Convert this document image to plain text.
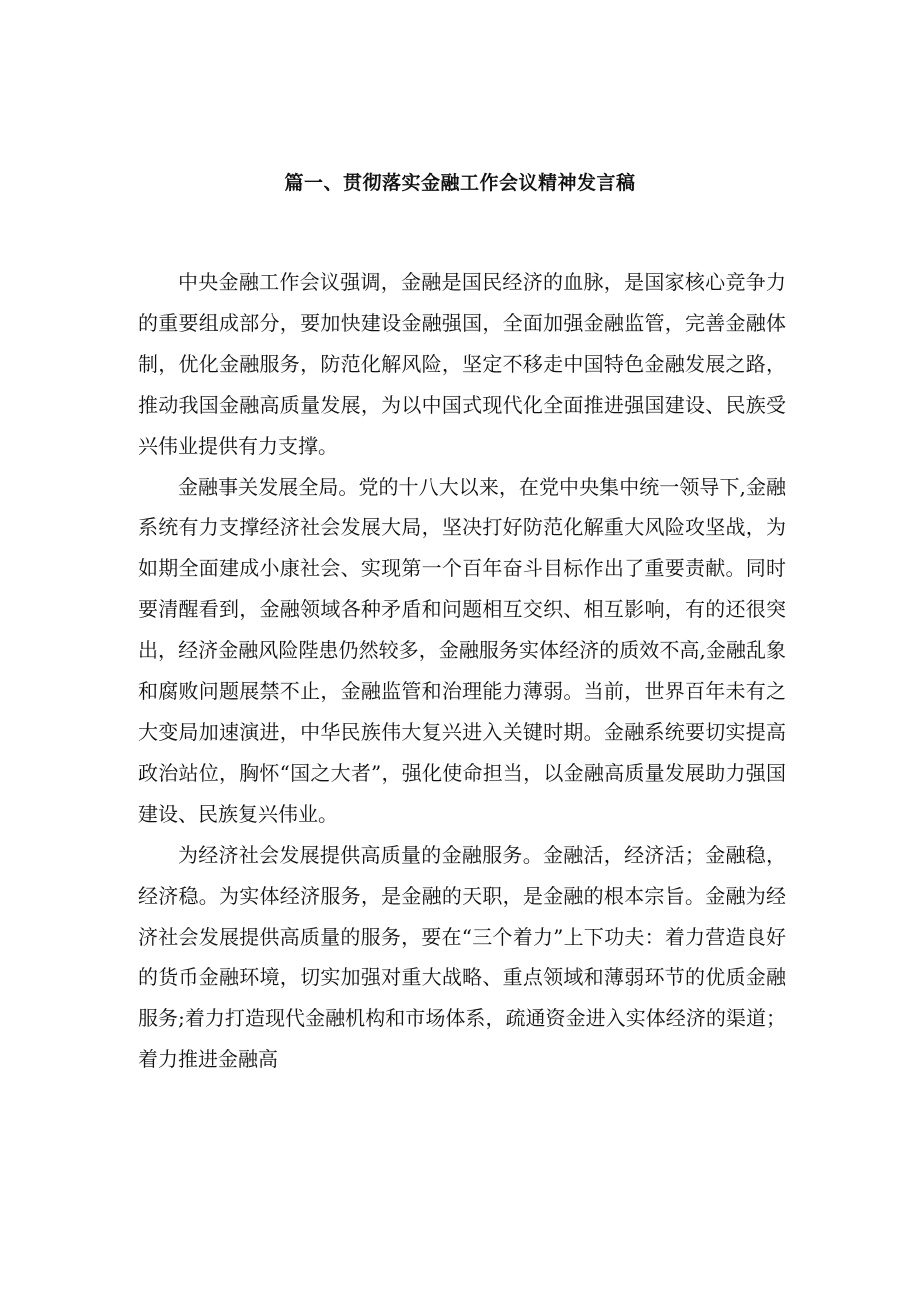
篇一、贯彻落实金融工作会议精神发言稿

中央金融工作会议强调，金融是国民经济的血脉，是国家核心竞争力的重要组成部分，要加快建设金融强国，全面加强金融监管，完善金融体制，优化金融服务，防范化解风险，坚定不移走中国特色金融发展之路，推动我国金融高质量发展，为以中国式现代化全面推进强国建设、民族受兴伟业提供有力支撑。

金融事关发展全局。党的十八大以来，在党中央集中统一领导下,金融系统有力支撑经济社会发展大局，坚决打好防范化解重大风险攻坚战，为如期全面建成小康社会、实现第一个百年奋斗目标作出了重要责献。同时要清醒看到，金融领域各种矛盾和问题相互交织、相互影响，有的还很突出，经济金融风险陛患仍然较多，金融服务实体经济的质效不高,金融乱象和腐败问题展禁不止，金融监管和治理能力薄弱。当前，世界百年未有之大变局加速演进，中华民族伟大复兴进入关键时期。金融系统要切实提高政治站位，胸怀“国之大者”，强化使命担当，以金融高质量发展助力强国建设、民族复兴伟业。

为经济社会发展提供高质量的金融服务。金融活，经济活；金融稳，经济稳。为实体经济服务，是金融的天职，是金融的根本宗旨。金融为经济社会发展提供高质量的服务，要在“三个着力”上下功夫：着力营造良好的货币金融环境，切实加强对重大战略、重点领域和薄弱环节的优质金融服务;着力打造现代金融机构和市场体系，疏通资金进入实体经济的渠道；着力推进金融高
